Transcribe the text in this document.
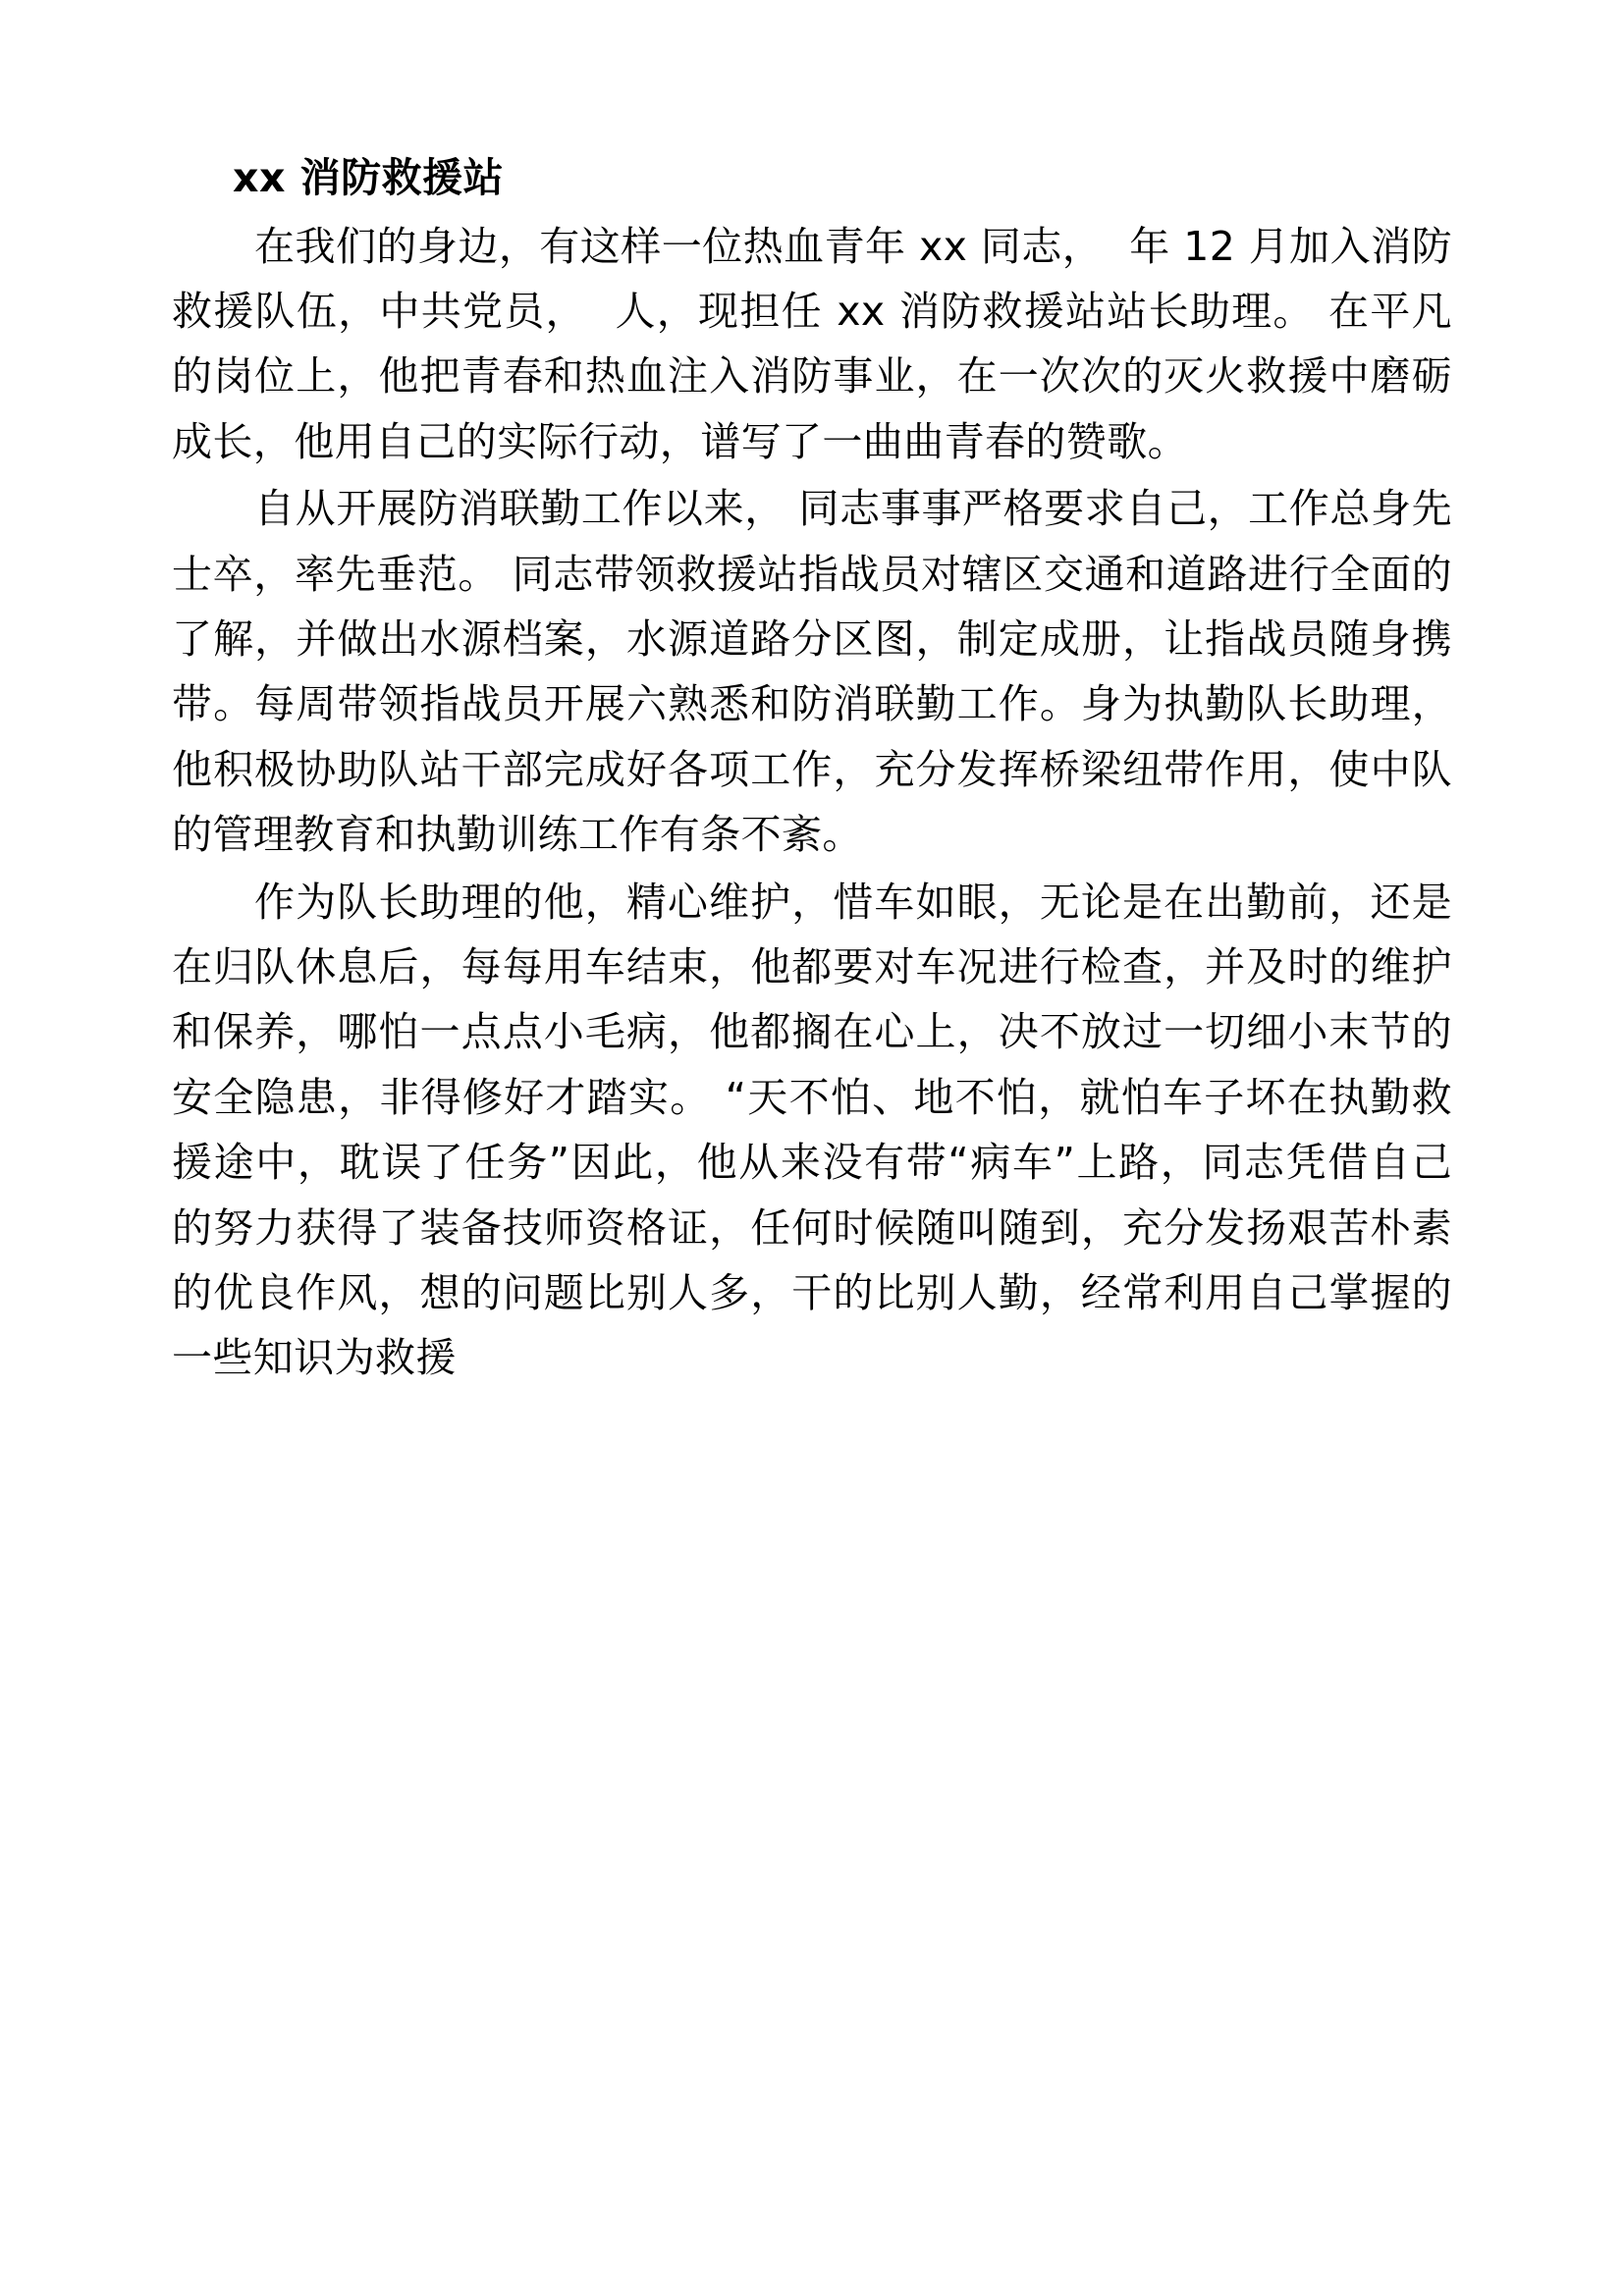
xx 消防救援站

在我们的身边，有这样一位热血青年 xx 同志，  年 12 月加入消防救援队伍，中共党员，  人，现担任 xx 消防救援站站长助理。 在平凡的岗位上，他把青春和热血注入消防事业，在一次次的灭火救援中磨砺成长，他用自己的实际行动，谱写了一曲曲青春的赞歌。

自从开展防消联勤工作以来， 同志事事严格要求自己，工作总身先士卒，率先垂范。 同志带领救援站指战员对辖区交通和道路进行全面的了解，并做出水源档案，水源道路分区图，制定成册，让指战员随身携带。每周带领指战员开展六熟悉和防消联勤工作。身为执勤队长助理，他积极协助队站干部完成好各项工作，充分发挥桥梁纽带作用，使中队的管理教育和执勤训练工作有条不紊。

作为队长助理的他，精心维护，惜车如眼，无论是在出勤前，还是在归队休息后，每每用车结束，他都要对车况进行检查，并及时的维护和保养，哪怕一点点小毛病，他都搁在心上，决不放过一切细小末节的安全隐患，非得修好才踏实。 “天不怕、地不怕，就怕车子坏在执勤救援途中，耽误了任务”因此，他从来没有带“病车”上路，同志凭借自己的努力获得了装备技师资格证，任何时候随叫随到，充分发扬艰苦朴素的优良作风，想的问题比别人多，干的比别人勤，经常利用自己掌握的一些知识为救援
